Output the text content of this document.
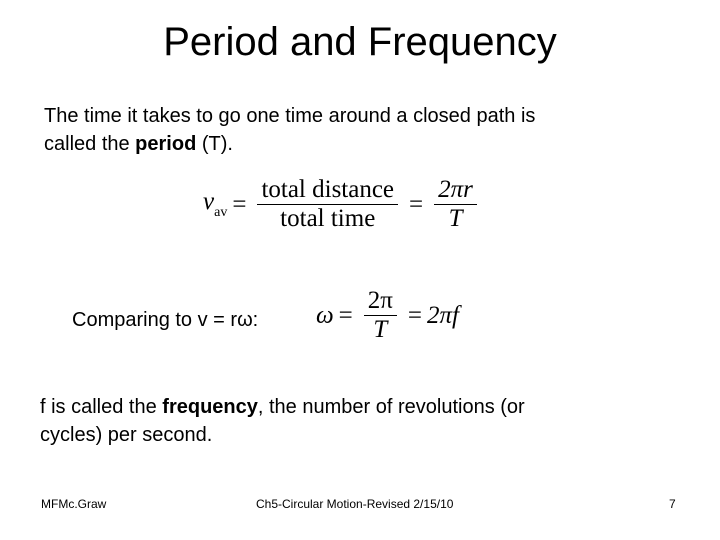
Period and Frequency
The time it takes to go one time around a closed path is
called the period (T).
$v_{av} = \frac{\text{total distance}}{\text{total time}} = \frac{2\pi r}{T}$
Comparing to v = rω: $\omega = \frac{2\pi}{T} = 2\pi f$
f is called the frequency, the number of revolutions (or
cycles) per second.
MFMc.Graw	Ch5-Circular Motion-Revised 2/15/10	7
